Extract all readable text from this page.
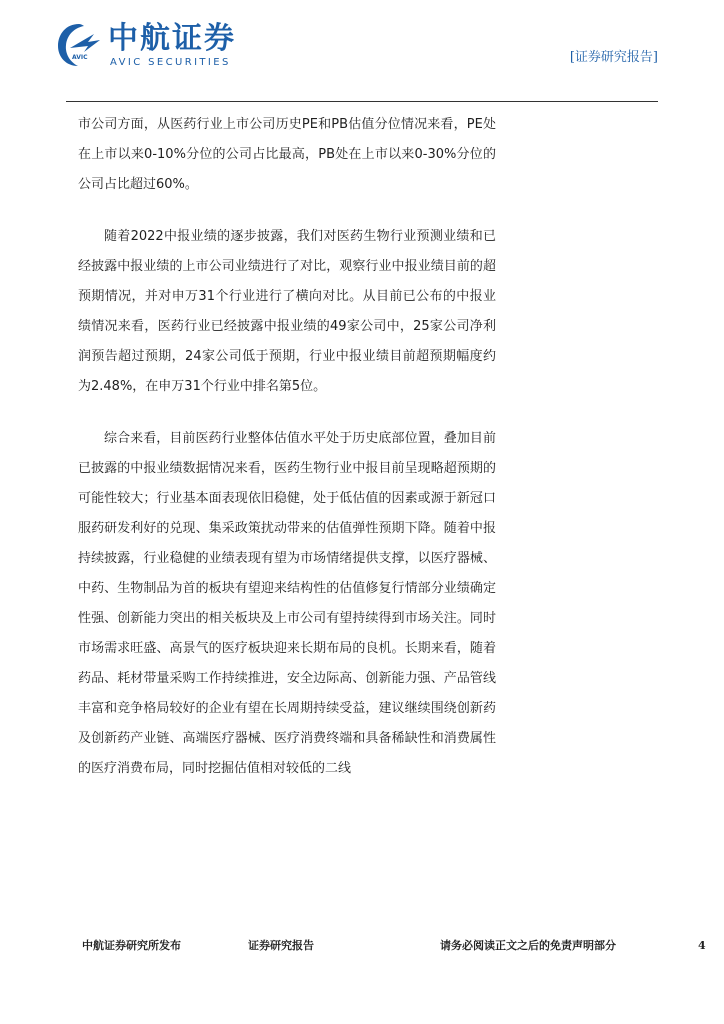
AVIC
中航证券
AVIC SECURITIES	[证券研究报告]

市公司方面，从医药行业上市公司历史PE和PB估值分位情况来看，PE处在上市以来0-10%分位的公司占比最高，PB处在上市以来0-30%分位的公司占比超过60%。

随着2022中报业绩的逐步披露，我们对医药生物行业预测业绩和已经披露中报业绩的上市公司业绩进行了对比，观察行业中报业绩目前的超预期情况，并对申万31个行业进行了横向对比。从目前已公布的中报业绩情况来看，医药行业已经披露中报业绩的49家公司中，25家公司净利润预告超过预期，24家公司低于预期，行业中报业绩目前超预期幅度约为2.48%，在申万31个行业中排名第5位。

综合来看，目前医药行业整体估值水平处于历史底部位置，叠加目前已披露的中报业绩数据情况来看，医药生物行业中报目前呈现略超预期的可能性较大；行业基本面表现依旧稳健，处于低估值的因素或源于新冠口服药研发利好的兑现、集采政策扰动带来的估值弹性预期下降。随着中报持续披露，行业稳健的业绩表现有望为市场情绪提供支撑，以医疗器械、中药、生物制品为首的板块有望迎来结构性的估值修复行情部分业绩确定性强、创新能力突出的相关板块及上市公司有望持续得到市场关注。同时市场需求旺盛、高景气的医疗板块迎来长期布局的良机。长期来看，随着药品、耗材带量采购工作持续推进，安全边际高、创新能力强、产品管线丰富和竞争格局较好的企业有望在长周期持续受益，建议继续围绕创新药及创新药产业链、高端医疗器械、医疗消费终端和具备稀缺性和消费属性的医疗消费布局，同时挖掘估值相对较低的二线

中航证券研究所发布	证券研究报告	请务必阅读正文之后的免责声明部分	4
